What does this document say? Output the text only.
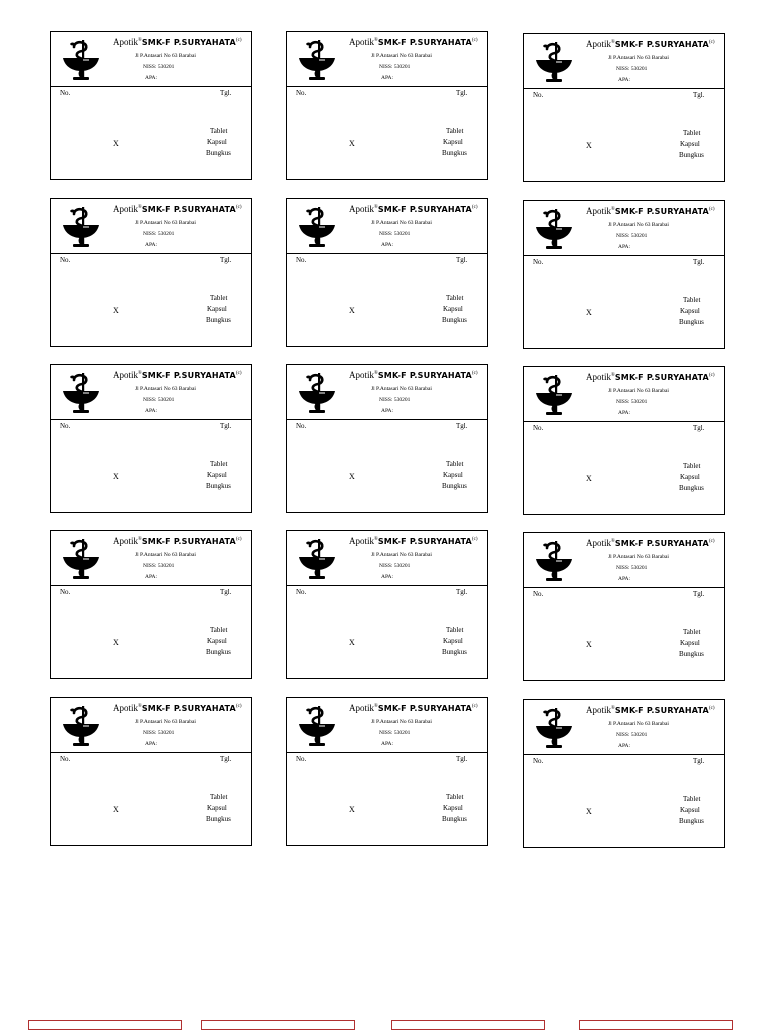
Apotik®SMK-F P.SURYAHATA$^{(c)}$
Jl P.Antasari No 63 Barabai
NISS: 530201
APA:
No.	Tgl.
X
Tablet
Kapsul
Bungkus
Apotik®SMK-F P.SURYAHATA$^{(c)}$
Jl P.Antasari No 63 Barabai
NISS: 530201
APA:
No.	Tgl.
X
Tablet
Kapsul
Bungkus
Apotik®SMK-F P.SURYAHATA$^{(c)}$
Jl P.Antasari No 63 Barabai
NISS: 530201
APA:
No.	Tgl.
X
Tablet
Kapsul
Bungkus
Apotik®SMK-F P.SURYAHATA$^{(c)}$
Jl P.Antasari No 63 Barabai
NISS: 530201
APA:
No.	Tgl.
X
Tablet
Kapsul
Bungkus
Apotik®SMK-F P.SURYAHATA$^{(c)}$
Jl P.Antasari No 63 Barabai
NISS: 530201
APA:
No.	Tgl.
X
Tablet
Kapsul
Bungkus
Apotik®SMK-F P.SURYAHATA$^{(c)}$
Jl P.Antasari No 63 Barabai
NISS: 530201
APA:
No.	Tgl.
X
Tablet
Kapsul
Bungkus
Apotik®SMK-F P.SURYAHATA$^{(c)}$
Jl P.Antasari No 63 Barabai
NISS: 530201
APA:
No.	Tgl.
X
Tablet
Kapsul
Bungkus
Apotik®SMK-F P.SURYAHATA$^{(c)}$
Jl P.Antasari No 63 Barabai
NISS: 530201
APA:
No.	Tgl.
X
Tablet
Kapsul
Bungkus
Apotik®SMK-F P.SURYAHATA$^{(c)}$
Jl P.Antasari No 63 Barabai
NISS: 530201
APA:
No.	Tgl.
X
Tablet
Kapsul
Bungkus
Apotik®SMK-F P.SURYAHATA$^{(c)}$
Jl P.Antasari No 63 Barabai
NISS: 530201
APA:
No.	Tgl.
X
Tablet
Kapsul
Bungkus
Apotik®SMK-F P.SURYAHATA$^{(c)}$
Jl P.Antasari No 63 Barabai
NISS: 530201
APA:
No.	Tgl.
X
Tablet
Kapsul
Bungkus
Apotik®SMK-F P.SURYAHATA$^{(c)}$
Jl P.Antasari No 63 Barabai
NISS: 530201
APA:
No.	Tgl.
X
Tablet
Kapsul
Bungkus
Apotik®SMK-F P.SURYAHATA$^{(c)}$
Jl P.Antasari No 63 Barabai
NISS: 530201
APA:
No.	Tgl.
X
Tablet
Kapsul
Bungkus
Apotik®SMK-F P.SURYAHATA$^{(c)}$
Jl P.Antasari No 63 Barabai
NISS: 530201
APA:
No.	Tgl.
X
Tablet
Kapsul
Bungkus
Apotik®SMK-F P.SURYAHATA$^{(c)}$
Jl P.Antasari No 63 Barabai
NISS: 530201
APA:
No.	Tgl.
X
Tablet
Kapsul
Bungkus
